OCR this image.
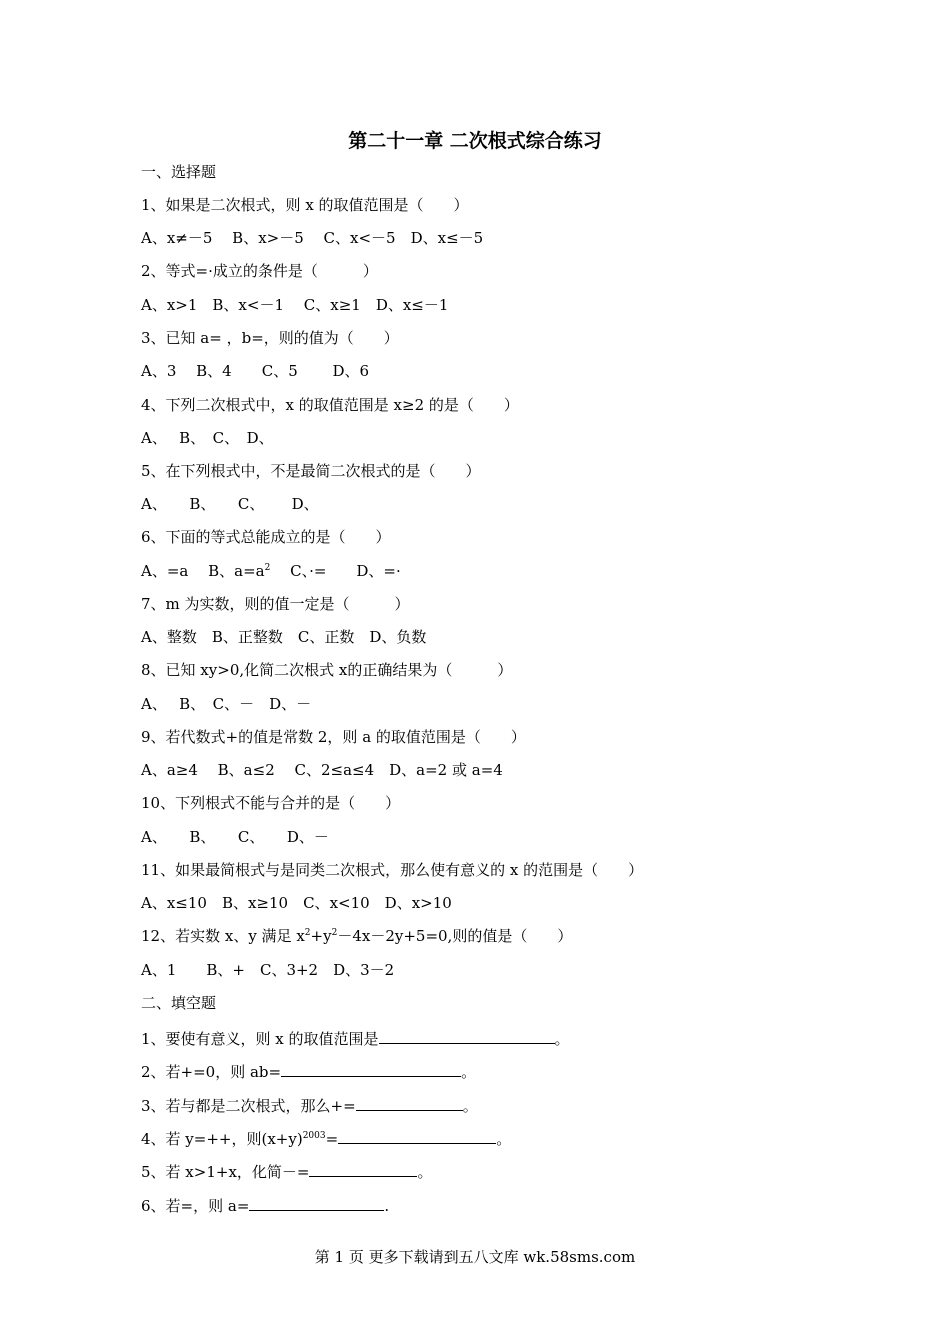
第二十一章 二次根式综合练习
一、选择题
1、如果是二次根式，则 x 的取值范围是（　　）
A、x≠－5　 B、x>－5　 C、x<－5　D、x≤－5
2、等式=·成立的条件是（　　　）
A、x>1　B、x<－1　 C、x≥1　D、x≤－1
3、已知 a= ，b=，则的值为（　　）
A、3　 B、4　　C、5　　 D、6
4、下列二次根式中，x 的取值范围是 x≥2 的是（　　）
A、　 B、　C、　D、
5、在下列根式中，不是最简二次根式的是（　　）
A、　　B、　　C、　　 D、
6、下面的等式总能成立的是（　　）
A、=a　 B、$a=a^2$　 C、·=　　D、=·
7、m 为实数，则的值一定是（　　　）
A、整数　B、正整数　C、正数　D、负数
8、已知 xy>0,化简二次根式 x的正确结果为（　　　）
A、　 B、　C、－　D、－
9、若代数式+的值是常数 2，则 a 的取值范围是（　　）
A、a≥4　 B、a≤2　 C、2≤a≤4　D、a=2 或 a=4
10、下列根式不能与合并的是（　　）
A、　　B、　　C、　　D、－
11、如果最简根式与是同类二次根式，那么使有意义的 x 的范围是（　　）
A、x≤10　B、x≥10　C、x<10　D、x>10
12、若实数 x、y 满足 $x^2+y^2-4x-2y+5=0$,则的值是（　　）
A、1　　B、+　C、3+2　D、3－2
二、填空题
1、要使有意义，则 x 的取值范围是	。
2、若+=0，则 ab=	。
3、若与都是二次根式，那么+=	。
4、若 y=++，则$(x+y)^{2003}=$	。
5、若 x>1+x，化简－=	。
6、若=，则 a=	.
第 1 页 更多下载请到五八文库 wk.58sms.com
